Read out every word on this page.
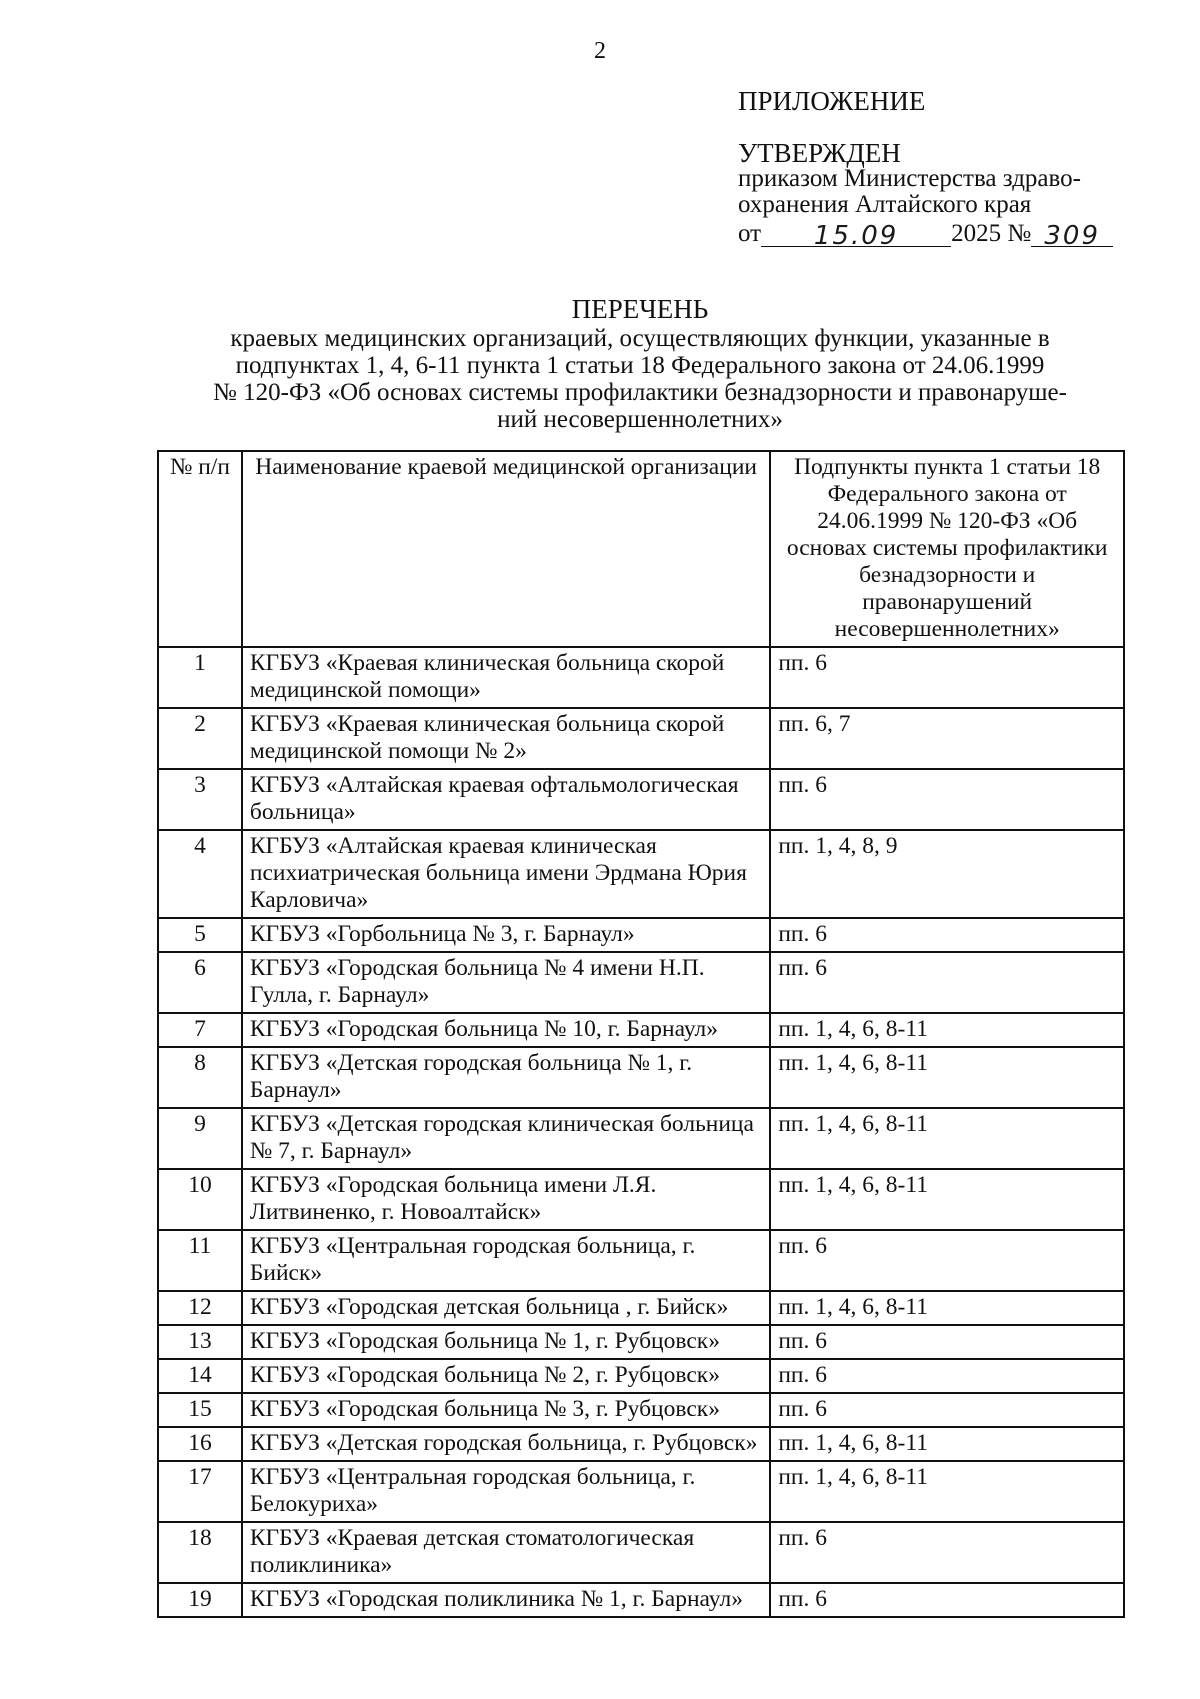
2
ПРИЛОЖЕНИЕ
УТВЕРЖДЕН
приказом Министерства здраво-
охранения Алтайского края
от	15.09	2025 № 309
ПЕРЕЧЕНЬ
краевых медицинских организаций, осуществляющих функции, указанные в
подпунктах 1, 4, 6-11 пункта 1 статьи 18 Федерального закона от 24.06.1999
№ 120-ФЗ «Об основах системы профилактики безнадзорности и правонаруше-
ний несовершеннолетних»
№ п/п	Наименование краевой медицинской организации	Подпункты пункта 1 статьи 18 Федерального закона от 24.06.1999 № 120-ФЗ «Об основах системы профилактики безнадзорности и правонарушений несовершеннолетних»
1	КГБУЗ «Краевая клиническая больница скорой медицинской помощи»	пп. 6
2	КГБУЗ «Краевая клиническая больница скорой медицинской помощи № 2»	пп. 6, 7
3	КГБУЗ «Алтайская краевая офтальмологическая больница»	пп. 6
4	КГБУЗ «Алтайская краевая клиническая психиатрическая больница имени Эрдмана Юрия Карловича»	пп. 1, 4, 8, 9
5	КГБУЗ «Горбольница № 3, г. Барнаул»	пп. 6
6	КГБУЗ «Городская больница № 4 имени Н.П. Гулла, г. Барнаул»	пп. 6
7	КГБУЗ «Городская больница № 10, г. Барнаул»	пп. 1, 4, 6, 8-11
8	КГБУЗ «Детская городская больница № 1, г. Барнаул»	пп. 1, 4, 6, 8-11
9	КГБУЗ «Детская городская клиническая больница № 7, г. Барнаул»	пп. 1, 4, 6, 8-11
10	КГБУЗ «Городская больница имени Л.Я. Литвиненко, г. Новоалтайск»	пп. 1, 4, 6, 8-11
11	КГБУЗ «Центральная городская больница, г. Бийск»	пп. 6
12	КГБУЗ «Городская детская больница , г. Бийск»	пп. 1, 4, 6, 8-11
13	КГБУЗ «Городская больница № 1, г. Рубцовск»	пп. 6
14	КГБУЗ «Городская больница № 2, г. Рубцовск»	пп. 6
15	КГБУЗ «Городская больница № 3, г. Рубцовск»	пп. 6
16	КГБУЗ «Детская городская больница, г. Рубцовск»	пп. 1, 4, 6, 8-11
17	КГБУЗ «Центральная городская больница, г. Белокуриха»	пп. 1, 4, 6, 8-11
18	КГБУЗ «Краевая детская стоматологическая поликлиника»	пп. 6
19	КГБУЗ «Городская поликлиника № 1, г. Барнаул»	пп. 6
